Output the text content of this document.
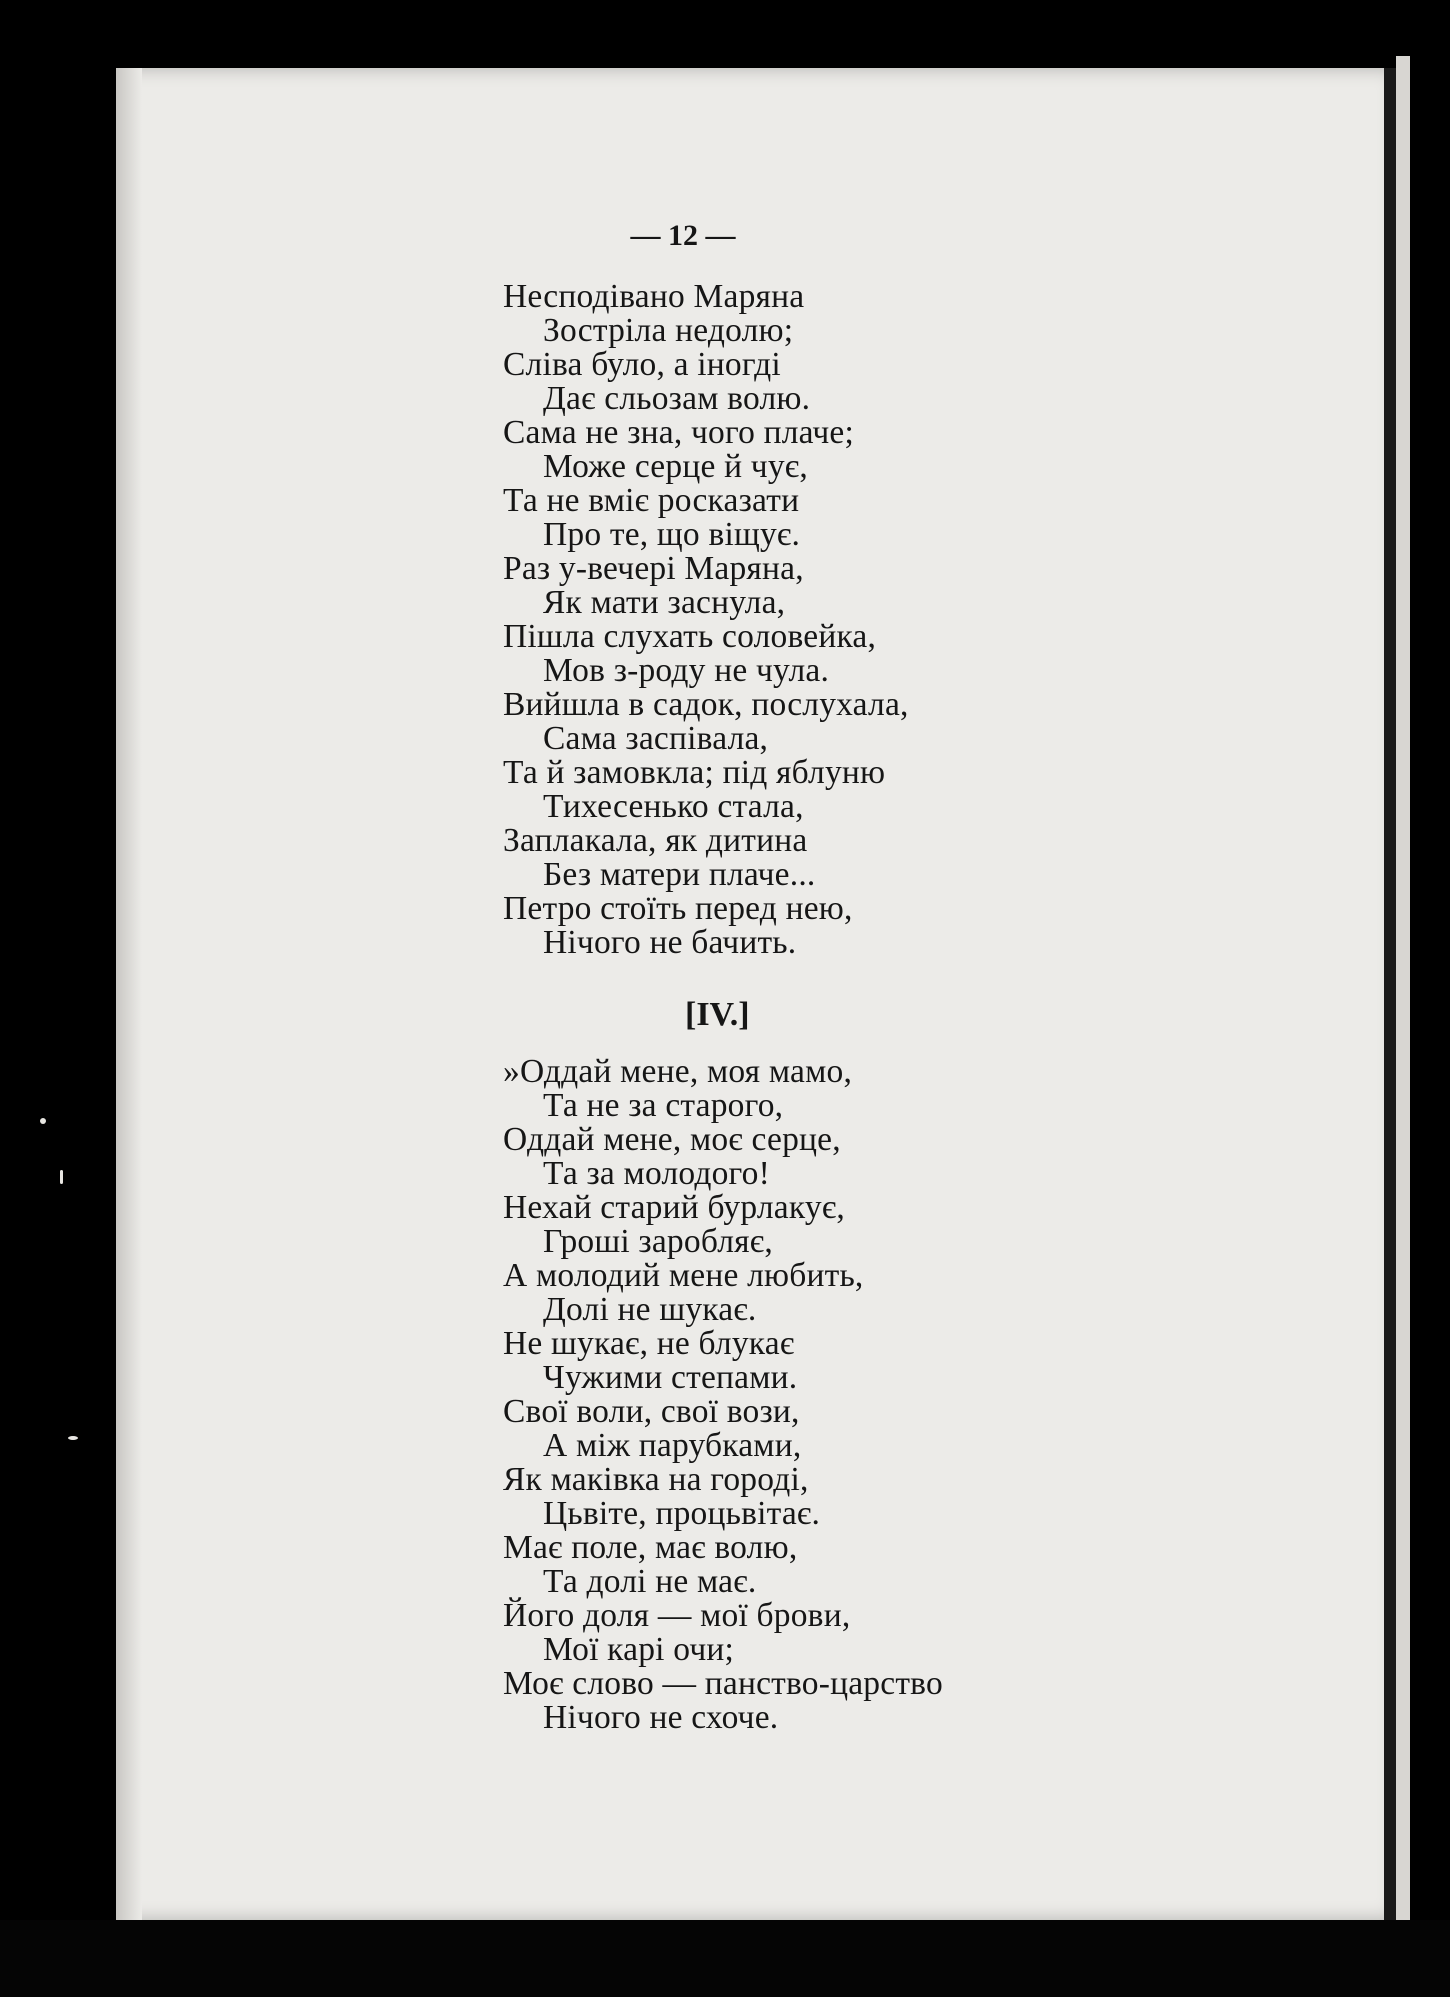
— 12 —
Несподівано Маряна
Зостріла недолю;
Сліва було, а іногді
Дає сльозам волю.
Сама не зна, чого плаче;
Може серце й чує,
Та не вміє росказати
Про те, що віщує.
Раз у-вечері Маряна,
Як мати заснула,
Пішла слухать соловейка,
Мов з-роду не чула.
Вийшла в садок, послухала,
Сама заспівала,
Та й замовкла; під яблуню
Тихесенько стала,
Заплакала, як дитина
Без матери плаче...
Петро стоїть перед нею,
Нічого не бачить.
[IV.]
»Оддай мене, моя мамо,
Та не за старого,
Оддай мене, моє серце,
Та за молодого!
Нехай старий бурлакує,
Гроші заробляє,
А молодий мене любить,
Долі не шукає.
Не шукає, не блукає
Чужими степами.
Свої воли, свої вози,
А між парубками,
Як маківка на городі,
Цьвіте, процьвітає.
Має поле, має волю,
Та долі не має.
Його доля — мої брови,
Мої карі очи;
Моє слово — панство-царство
Нічого не схоче.
